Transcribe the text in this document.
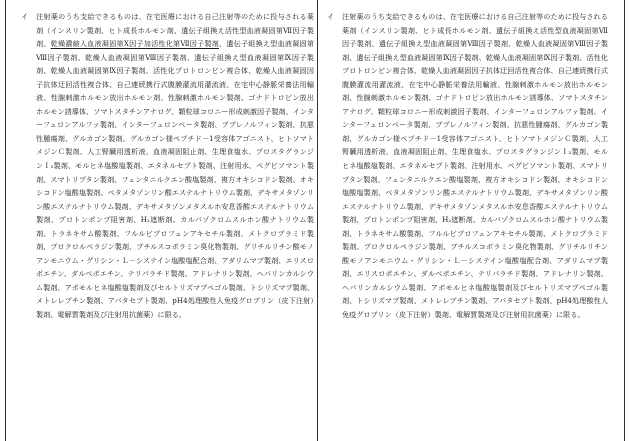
イ 注射薬のうち支給できるものは、在宅医療における自己注射等のために投与される薬剤（インスリン製剤、ヒト成長ホルモン剤、遺伝子組換え活性型血液凝固第Ⅶ因子製剤、乾燥濃縮人血液凝固第Ⅹ因子加活性化第Ⅶ因子製剤、遺伝子組換え型血液凝固第Ⅷ因子製剤、乾燥人血液凝固第Ⅷ因子製剤、遺伝子組換え型血液凝固第Ⅸ因子製剤、乾燥人血液凝固第Ⅸ因子製剤、活性化プロトロンビン複合体、乾燥人血液凝固因子抗体迂回活性複合体、自己連続携行式腹膜灌流用灌流液、在宅中心静脈栄養法用輸液、性腺刺激ホルモン放出ホルモン剤、性腺刺激ホルモン製剤、ゴナドトロピン放出ホルモン誘導体、ソマトスタチンアナログ、顆粒球コロニー形成刺激因子製剤、インターフェロンアルファ製剤、インターフェロンベータ製剤、ブプレノルフィン製剤、抗悪性腫瘍剤、グルカゴン製剤、グルカゴン様ペプチド－1受容体アゴニスト、ヒトソマトメジンＣ製剤、人工腎臓用透析液、血液凝固阻止剤、生理食塩水、プロスタグランジンＩ₂製剤、モルヒネ塩酸塩製剤、エタネルセプト製剤、注射用水、ペグビソマント製剤、スマトリプタン製剤、フェンタニルクエン酸塩製剤、複方オキシコドン製剤、オキシコドン塩酸塩製剤、ベタメタゾンリン酸エステルナトリウム製剤、デキサメタゾンリン酸エステルナトリウム製剤、デキサメタゾンメタスルホ安息香酸エステルナトリウム製剤、プロトンポンプ阻害剤、H₂遮断剤、カルバゾクロムスルホン酸ナトリウム製剤、トラネキサム酸製剤、フルルビプロフェンアキセチル製剤、メトクロプラミド製剤、プロクロルペラジン製剤、ブチルスコポラミン臭化物製剤、グリチルリチン酸モノアンモニウム・グリシン・Ｌ－システイン塩酸塩配合剤、アダリムマブ製剤、エリスロポエチン、ダルベポエチン、テリパラチド製剤、アドレナリン製剤、ヘパリンカルシウム製剤、アポモルヒネ塩酸塩製剤及びセルトリズマブペゴル製剤、トシリズマブ製剤、メトレレプチン製剤、アバタセプト製剤、pH4処理酸性人免疫グロブリン（皮下注射）製剤、電解質製剤及び注射用抗菌薬）に限る。

イ 注射薬のうち支給できるものは、在宅医療における自己注射等のために投与される薬剤（インスリン製剤、ヒト成長ホルモン剤、遺伝子組換え活性型血液凝固第Ⅶ因子製剤、遺伝子組換え型血液凝固第Ⅷ因子製剤、乾燥人血液凝固第Ⅷ因子製剤、遺伝子組換え型血液凝固第Ⅸ因子製剤、乾燥人血液凝固第Ⅸ因子製剤、活性化プロトロンビン複合体、乾燥人血液凝固因子抗体迂回活性複合体、自己連続携行式腹膜灌流用灌流液、在宅中心静脈栄養法用輸液、性腺刺激ホルモン放出ホルモン剤、性腺刺激ホルモン製剤、ゴナドトロピン放出ホルモン誘導体、ソマトスタチンアナログ、顆粒球コロニー形成刺激因子製剤、インターフェロンアルファ製剤、インターフェロンベータ製剤、ブプレノルフィン製剤、抗悪性腫瘍剤、グルカゴン製剤、グルカゴン様ペプチド－1受容体アゴニスト、ヒトソマトメジンＣ製剤、人工腎臓用透析液、血液凝固阻止剤、生理食塩水、プロスタグランジンＩ₂製剤、モルヒネ塩酸塩製剤、エタネルセプト製剤、注射用水、ペグビソマント製剤、スマトリプタン製剤、フェンタニルクエン酸塩製剤、複方オキシコドン製剤、オキシコドン塩酸塩製剤、ベタメタゾンリン酸エステルナトリウム製剤、デキサメタゾンリン酸エステルナトリウム製剤、デキサメタゾンメタスルホ安息香酸エステルナトリウム製剤、プロトンポンプ阻害剤、H₂遮断剤、カルバゾクロムスルホン酸ナトリウム製剤、トラネキサム酸製剤、フルルビプロフェンアキセチル製剤、メトクロプラミド製剤、プロクロルペラジン製剤、ブチルスコポラミン臭化物製剤、グリチルリチン酸モノアンモニウム・グリシン・Ｌ－システイン塩酸塩配合剤、アダリムマブ製剤、エリスロポエチン、ダルベポエチン、テリパラチド製剤、アドレナリン製剤、ヘパリンカルシウム製剤、アポモルヒネ塩酸塩製剤及びセルトリズマブペゴル製剤、トシリズマブ製剤、メトレレプチン製剤、アバタセプト製剤、pH4処理酸性人免疫グロブリン（皮下注射）製剤、電解質製剤及び注射用抗菌薬）に限る。
